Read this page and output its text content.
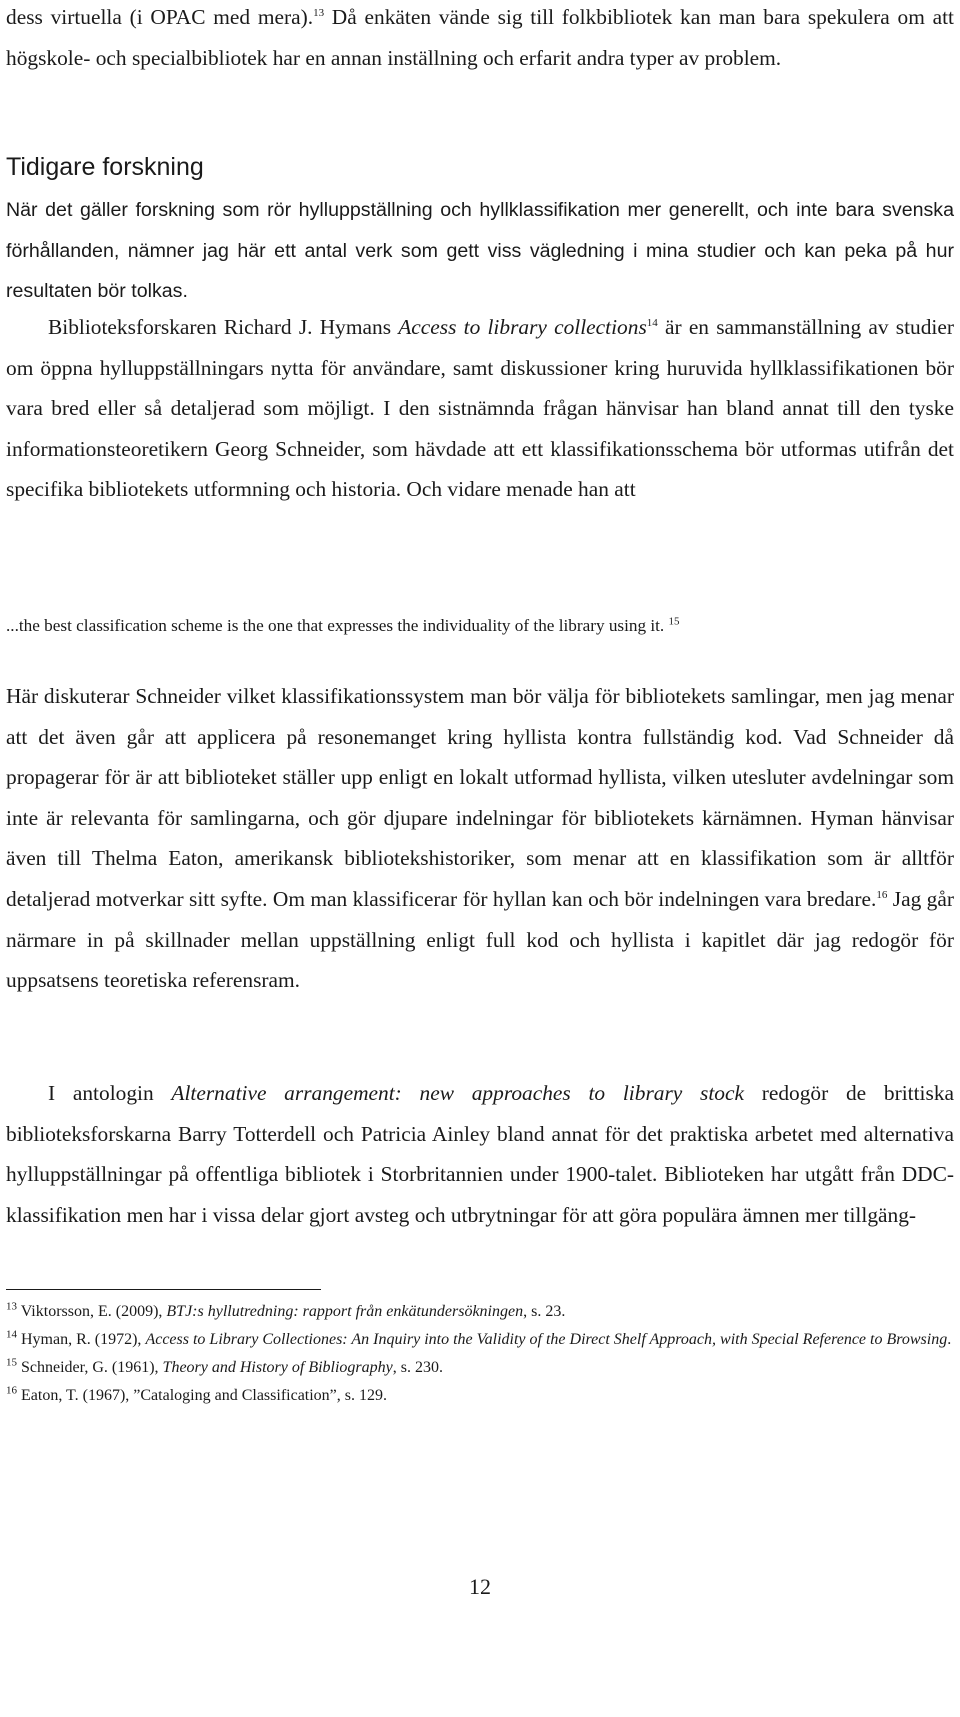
dess virtuella (i OPAC med mera).$^{13}$ Då enkäten vände sig till folkbibliotek kan man bara spekulera om att högskole- och specialbibliotek har en annan inställning och erfarit andra typer av problem.

Tidigare forskning

När det gäller forskning som rör hylluppställning och hyllklassifikation mer generellt, och inte bara svenska förhållanden, nämner jag här ett antal verk som gett viss vägledning i mina studier och kan peka på hur resultaten bör tolkas.

Biblioteksforskaren Richard J. Hymans Access to library collections$^{14}$ är en sammanställning av studier om öppna hylluppställningars nytta för användare, samt diskussioner kring huruvida hyllklassifikationen bör vara bred eller så detaljerad som möjligt. I den sistnämnda frågan hänvisar han bland annat till den tyske informationsteoretikern Georg Schneider, som hävdade att ett klassifikationsschema bör utformas utifrån det specifika bibliotekets utformning och historia. Och vidare menade han att

...the best classification scheme is the one that expresses the individuality of the library using it. $^{15}$

Här diskuterar Schneider vilket klassifikationssystem man bör välja för bibliotekets samlingar, men jag menar att det även går att applicera på resonemanget kring hyllista kontra fullständig kod. Vad Schneider då propagerar för är att biblioteket ställer upp enligt en lokalt utformad hyllista, vilken utesluter avdelningar som inte är relevanta för samlingarna, och gör djupare indelningar för bibliotekets kärnämnen. Hyman hänvisar även till Thelma Eaton, amerikansk bibliotekshistoriker, som menar att en klassifikation som är alltför detaljerad motverkar sitt syfte. Om man klassificerar för hyllan kan och bör indelningen vara bredare.$^{16}$ Jag går närmare in på skillnader mellan uppställning enligt full kod och hyllista i kapitlet där jag redogör för uppsatsens teoretiska referensram.

I antologin Alternative arrangement: new approaches to library stock redogör de brittiska biblioteksforskarna Barry Totterdell och Patricia Ainley bland annat för det praktiska arbetet med alternativa hylluppställningar på offentliga bibliotek i Storbritannien under 1900-talet. Biblioteken har utgått från DDC-klassifikation men har i vissa delar gjort avsteg och utbrytningar för att göra populära ämnen mer tillgäng-

$^{13}$ Viktorsson, E. (2009), BTJ:s hyllutredning: rapport från enkätundersökningen, s. 23.
$^{14}$ Hyman, R. (1972), Access to Library Collectiones: An Inquiry into the Validity of the Direct Shelf Approach, with Special Reference to Browsing.
$^{15}$ Schneider, G. (1961), Theory and History of Bibliography, s. 230.
$^{16}$ Eaton, T. (1967), ”Cataloging and Classification”, s. 129.
12
